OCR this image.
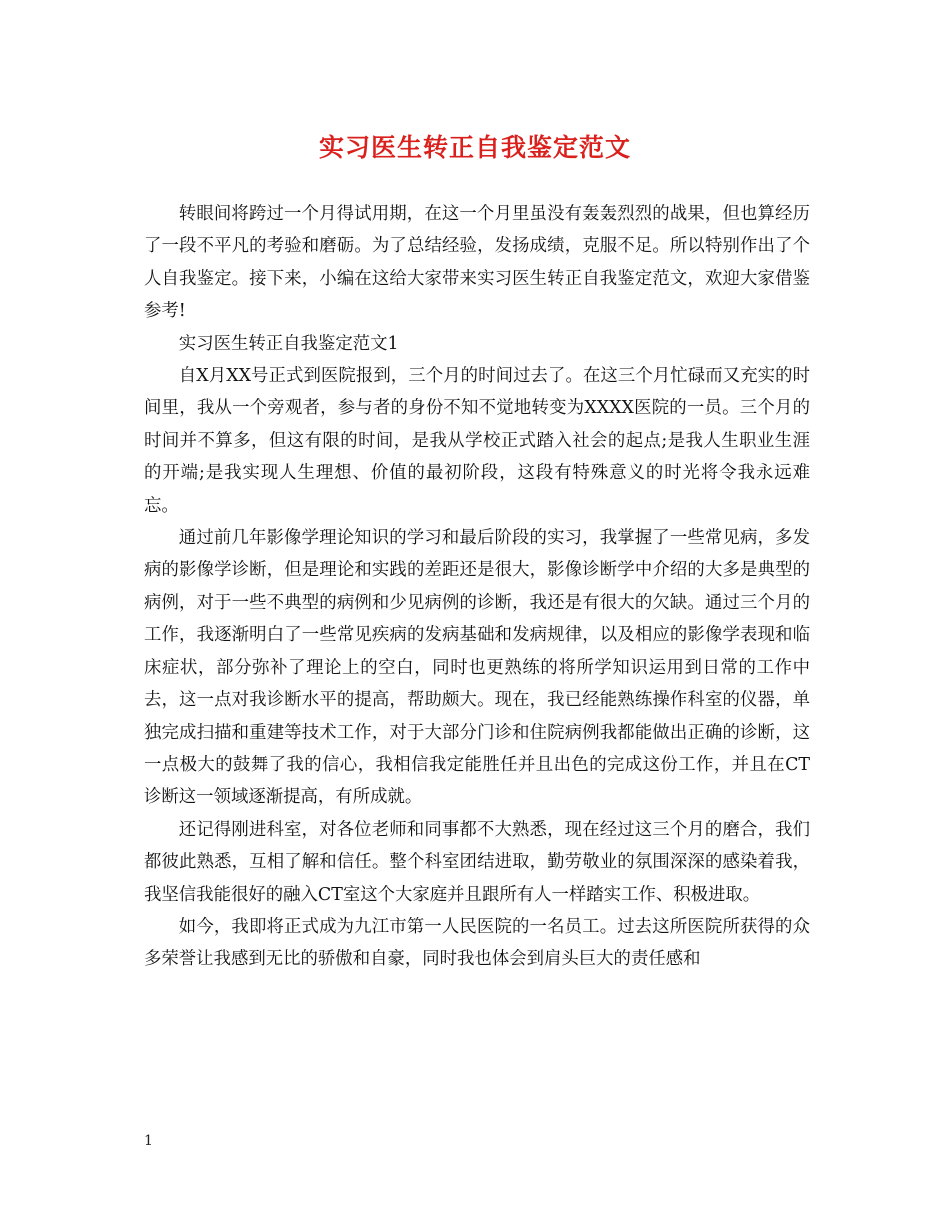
实习医生转正自我鉴定范文

转眼间将跨过一个月得试用期，在这一个月里虽没有轰轰烈烈的战果，但也算经历了一段不平凡的考验和磨砺。为了总结经验，发扬成绩，克服不足。所以特别作出了个人自我鉴定。接下来，小编在这给大家带来实习医生转正自我鉴定范文，欢迎大家借鉴参考!

实习医生转正自我鉴定范文1

自X月XX号正式到医院报到，三个月的时间过去了。在这三个月忙碌而又充实的时间里，我从一个旁观者，参与者的身份不知不觉地转变为XXXX医院的一员。三个月的时间并不算多，但这有限的时间，是我从学校正式踏入社会的起点;是我人生职业生涯的开端;是我实现人生理想、价值的最初阶段，这段有特殊意义的时光将令我永远难忘。

通过前几年影像学理论知识的学习和最后阶段的实习，我掌握了一些常见病，多发病的影像学诊断，但是理论和实践的差距还是很大，影像诊断学中介绍的大多是典型的病例，对于一些不典型的病例和少见病例的诊断，我还是有很大的欠缺。通过三个月的工作，我逐渐明白了一些常见疾病的发病基础和发病规律，以及相应的影像学表现和临床症状，部分弥补了理论上的空白，同时也更熟练的将所学知识运用到日常的工作中去，这一点对我诊断水平的提高，帮助颇大。现在，我已经能熟练操作科室的仪器，单独完成扫描和重建等技术工作，对于大部分门诊和住院病例我都能做出正确的诊断，这一点极大的鼓舞了我的信心，我相信我定能胜任并且出色的完成这份工作，并且在CT诊断这一领域逐渐提高，有所成就。

还记得刚进科室，对各位老师和同事都不大熟悉，现在经过这三个月的磨合，我们都彼此熟悉，互相了解和信任。整个科室团结进取，勤劳敬业的氛围深深的感染着我，我坚信我能很好的融入CT室这个大家庭并且跟所有人一样踏实工作、积极进取。

如今，我即将正式成为九江市第一人民医院的一名员工。过去这所医院所获得的众多荣誉让我感到无比的骄傲和自豪，同时我也体会到肩头巨大的责任感和

1
